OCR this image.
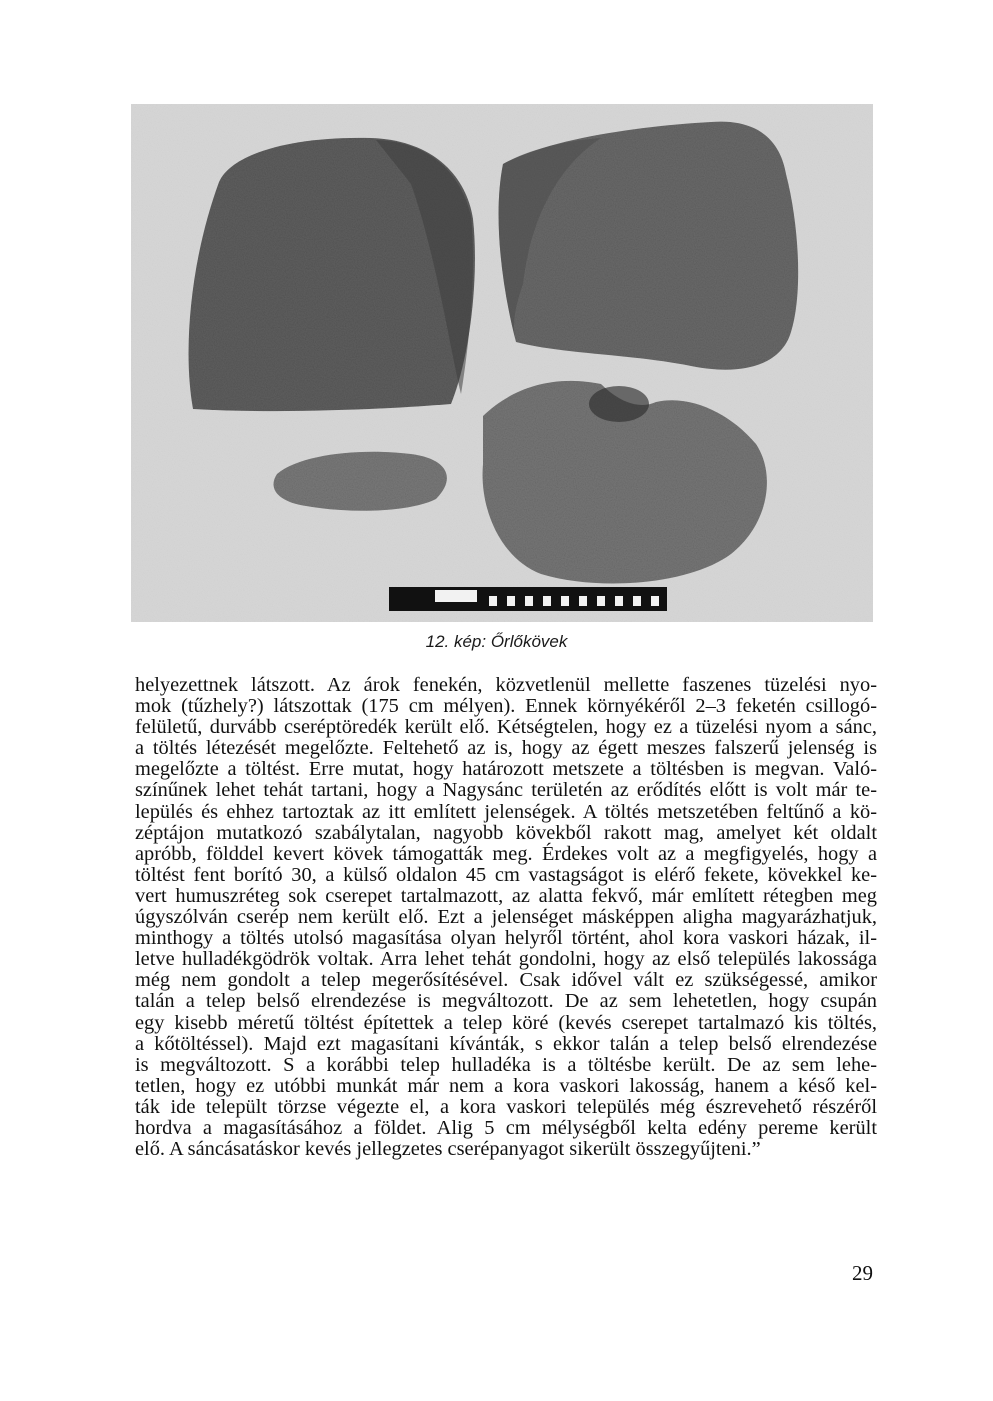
12. kép: Őrlőkövek
helyezettnek látszott. Az árok fenekén, közvetlenül mellette faszenes tüzelési nyo-
mok (tűzhely?) látszottak (175 cm mélyen). Ennek környékéről 2–3 feketén csillogó-
felületű, durvább cseréptöredék került elő. Kétségtelen, hogy ez a tüzelési nyom a sánc,
a töltés létezését megelőzte. Feltehető az is, hogy az égett meszes falszerű jelenség is
megelőzte a töltést. Erre mutat, hogy határozott metszete a töltésben is megvan. Való-
színűnek lehet tehát tartani, hogy a Nagysánc területén az erődítés előtt is volt már te-
lepülés és ehhez tartoztak az itt említett jelenségek. A töltés metszetében feltűnő a kö-
zéptájon mutatkozó szabálytalan, nagyobb kövekből rakott mag, amelyet két oldalt
apróbb, földdel kevert kövek támogatták meg. Érdekes volt az a megfigyelés, hogy a
töltést fent borító 30, a külső oldalon 45 cm vastagságot is elérő fekete, kövekkel ke-
vert humuszréteg sok cserepet tartalmazott, az alatta fekvő, már említett rétegben meg
úgyszólván cserép nem került elő. Ezt a jelenséget másképpen aligha magyarázhatjuk,
minthogy a töltés utolsó magasítása olyan helyről történt, ahol kora vaskori házak, il-
letve hulladékgödrök voltak. Arra lehet tehát gondolni, hogy az első település lakossága
még nem gondolt a telep megerősítésével. Csak idővel vált ez szükségessé, amikor
talán a telep belső elrendezése is megváltozott. De az sem lehetetlen, hogy csupán
egy kisebb méretű töltést építettek a telep köré (kevés cserepet tartalmazó kis töltés,
a kőtöltéssel). Majd ezt magasítani kívánták, s ekkor talán a telep belső elrendezése
is megváltozott. S a korábbi telep hulladéka is a töltésbe került. De az sem lehe-
tetlen, hogy ez utóbbi munkát már nem a kora vaskori lakosság, hanem a késő kel-
ták ide települt törzse végezte el, a kora vaskori település még észrevehető részéről
hordva a magasításához a földet. Alig 5 cm mélységből kelta edény pereme került
elő. A sáncásatáskor kevés jellegzetes cserépanyagot sikerült összegyűjteni.”
29
